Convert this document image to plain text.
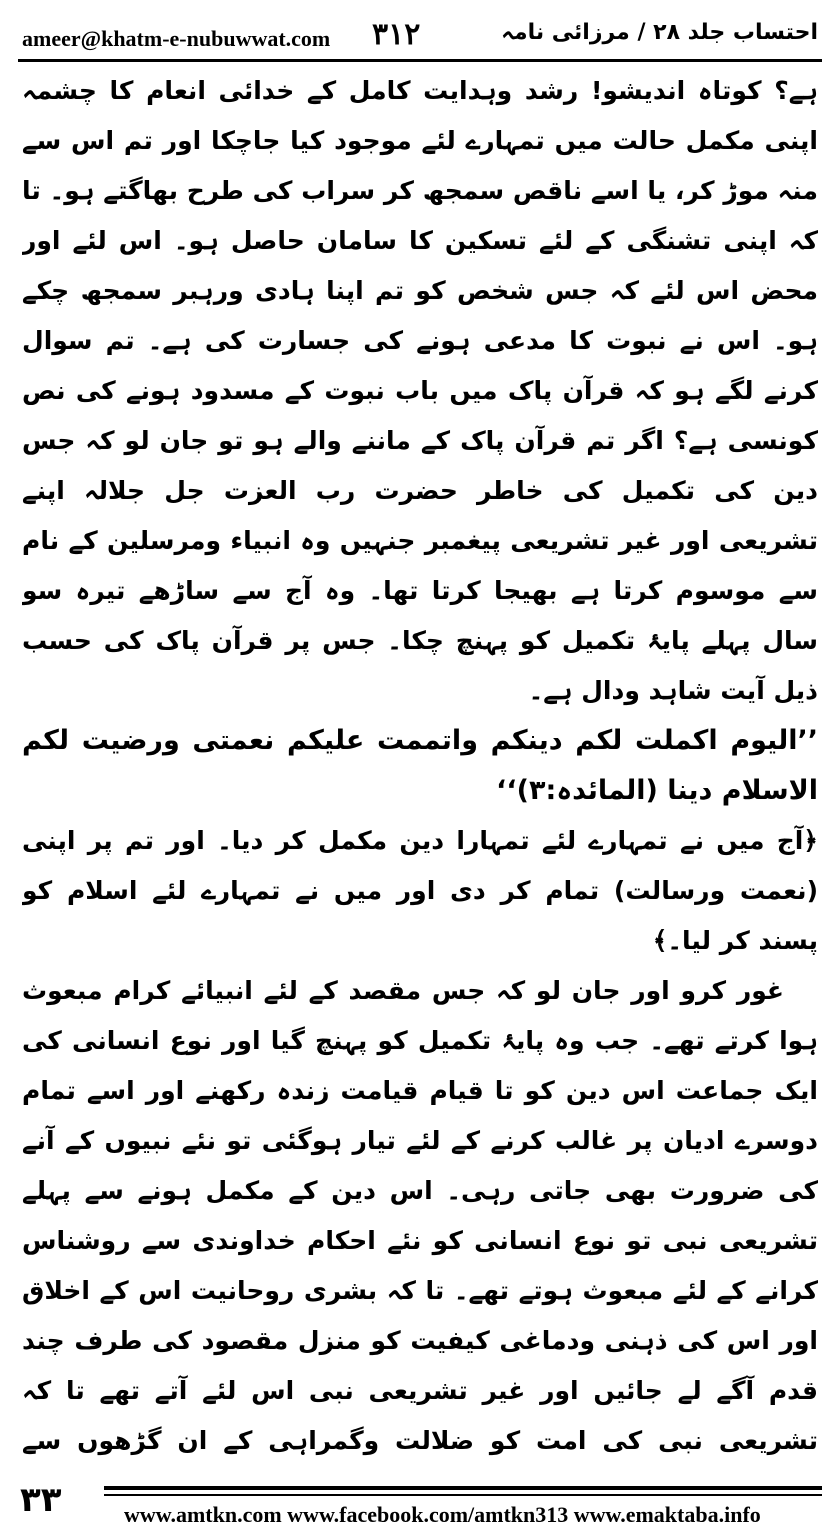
ameer@khatm-e-nubuwwat.com ۳۱۲	احتساب جلد ۲۸ / مرزائی نامہ

ہے؟ کوتاہ اندیشو! رشد وہدایت کامل کے خدائی انعام کا چشمہ اپنی مکمل حالت میں تمہارے لئے موجود کیا جاچکا اور تم اس سے منہ موڑ کر، یا اسے ناقص سمجھ کر سراب کی طرح بھاگتے ہو۔ تا کہ اپنی تشنگی کے لئے تسکین کا سامان حاصل ہو۔ اس لئے اور محض اس لئے کہ جس شخص کو تم اپنا ہادی ورہبر سمجھ چکے ہو۔ اس نے نبوت کا مدعی ہونے کی جسارت کی ہے۔ تم سوال کرنے لگے ہو کہ قرآن پاک میں باب نبوت کے مسدود ہونے کی نص کونسی ہے؟ اگر تم قرآن پاک کے ماننے والے ہو تو جان لو کہ جس دین کی تکمیل کی خاطر حضرت رب العزت جل جلالہ اپنے تشریعی اور غیر تشریعی پیغمبر جنہیں وہ انبیاء ومرسلین کے نام سے موسوم کرتا ہے بھیجا کرتا تھا۔ وہ آج سے ساڑھے تیرہ سو سال پہلے پایۂ تکمیل کو پہنچ چکا۔ جس پر قرآن پاک کی حسب ذیل آیت شاہد ودال ہے۔

’’الیوم اکملت لکم دینکم واتممت علیکم نعمتی ورضیت لکم الاسلام دینا (المائدہ:۳)‘‘

﴿آج میں نے تمہارے لئے تمہارا دین مکمل کر دیا۔ اور تم پر اپنی (نعمت ورسالت) تمام کر دی اور میں نے تمہارے لئے اسلام کو پسند کر لیا۔﴾

غور کرو اور جان لو کہ جس مقصد کے لئے انبیائے کرام مبعوث ہوا کرتے تھے۔ جب وہ پایۂ تکمیل کو پہنچ گیا اور نوع انسانی کی ایک جماعت اس دین کو تا قیام قیامت زندہ رکھنے اور اسے تمام دوسرے ادیان پر غالب کرنے کے لئے تیار ہوگئی تو نئے نبیوں کے آنے کی ضرورت بھی جاتی رہی۔ اس دین کے مکمل ہونے سے پہلے تشریعی نبی تو نوع انسانی کو نئے احکام خداوندی سے روشناس کرانے کے لئے مبعوث ہوتے تھے۔ تا کہ بشری روحانیت اس کے اخلاق اور اس کی ذہنی ودماغی کیفیت کو منزل مقصود کی طرف چند قدم آگے لے جائیں اور غیر تشریعی نبی اس لئے آتے تھے تا کہ تشریعی نبی کی امت کو ضلالت وگمراہی کے ان گڑھوں سے

۳۳	www.amtkn.com www.facebook.com/amtkn313 www.emaktaba.info
